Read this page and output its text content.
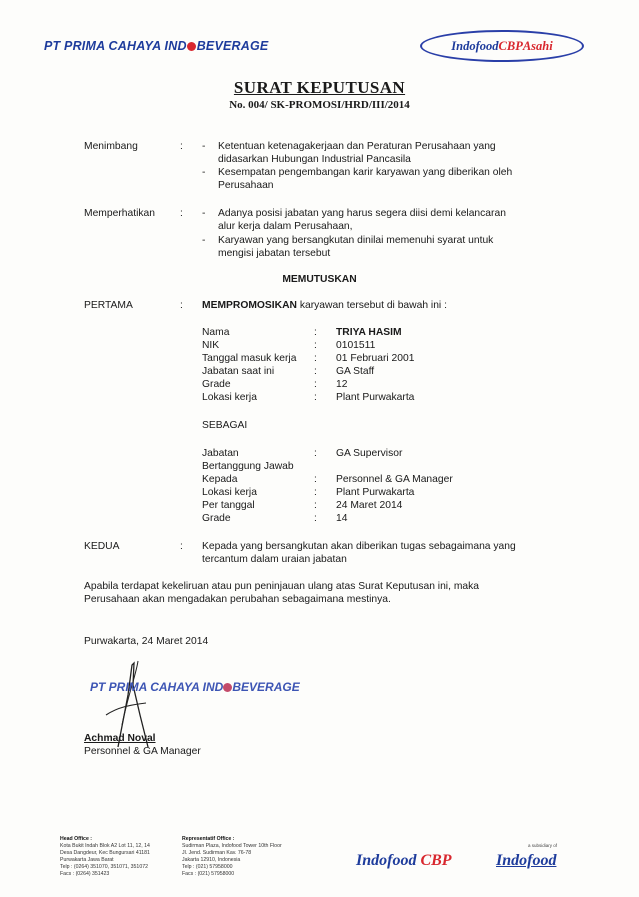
PT PRIMA CAHAYA IND BEVERAGE	Indofood CBP Asahi
SURAT KEPUTUSAN
No. 004/ SK-PROMOSI/HRD/III/2014
Menimbang	: - Ketentuan ketenagakerjaan dan Peraturan Perusahaan yang
didasarkan Hubungan Industrial Pancasila
- Kesempatan pengembangan karir karyawan yang diberikan oleh
Perusahaan
Memperhatikan : - Adanya posisi jabatan yang harus segera diisi demi kelancaran
alur kerja dalam Perusahaan,
- Karyawan yang bersangkutan dinilai memenuhi syarat untuk
mengisi jabatan tersebut
MEMUTUSKAN
PERTAMA	: MEMPROMOSIKAN karyawan tersebut di bawah ini :
Nama	: TRIYA HASIM
NIK	: 0101511
Tanggal masuk kerja : 01 Februari 2001
Jabatan saat ini	: GA Staff
Grade	: 12
Lokasi kerja	: Plant Purwakarta
SEBAGAI
Jabatan	: GA Supervisor
Bertanggung Jawab
Kepada	: Personnel & GA Manager
Lokasi kerja	: Plant Purwakarta
Per tanggal	: 24 Maret 2014
Grade	: 14
KEDUA	: Kepada yang bersangkutan akan diberikan tugas sebagaimana yang
tercantum dalam uraian jabatan
Apabila terdapat kekeliruan atau pun peninjauan ulang atas Surat Keputusan ini, maka
Perusahaan akan mengadakan perubahan sebagaimana mestinya.
Purwakarta, 24 Maret 2014
PT PRIMA CAHAYA IND BEVERAGE
Achmad Noval
Personnel & GA Manager
Head Office :
Kota Bukit Indah Blok A2 Lot 11, 12, 14
Desa Dangdeur, Kec Bungursari 41181
Purwakarta Jawa Barat
Telp : (0264) 351070, 351071, 351072
Facs : (0264) 351423
Representatif Office :
Sudirman Plaza, Indofood Tower 10th Floor
Jl. Jend. Sudirman Kav. 76-78
Jakarta 12910, Indonesia
Telp : (021) 57958000
Facs : (021) 57958000
Indofood CBP
a subsidiary of
Indofood
